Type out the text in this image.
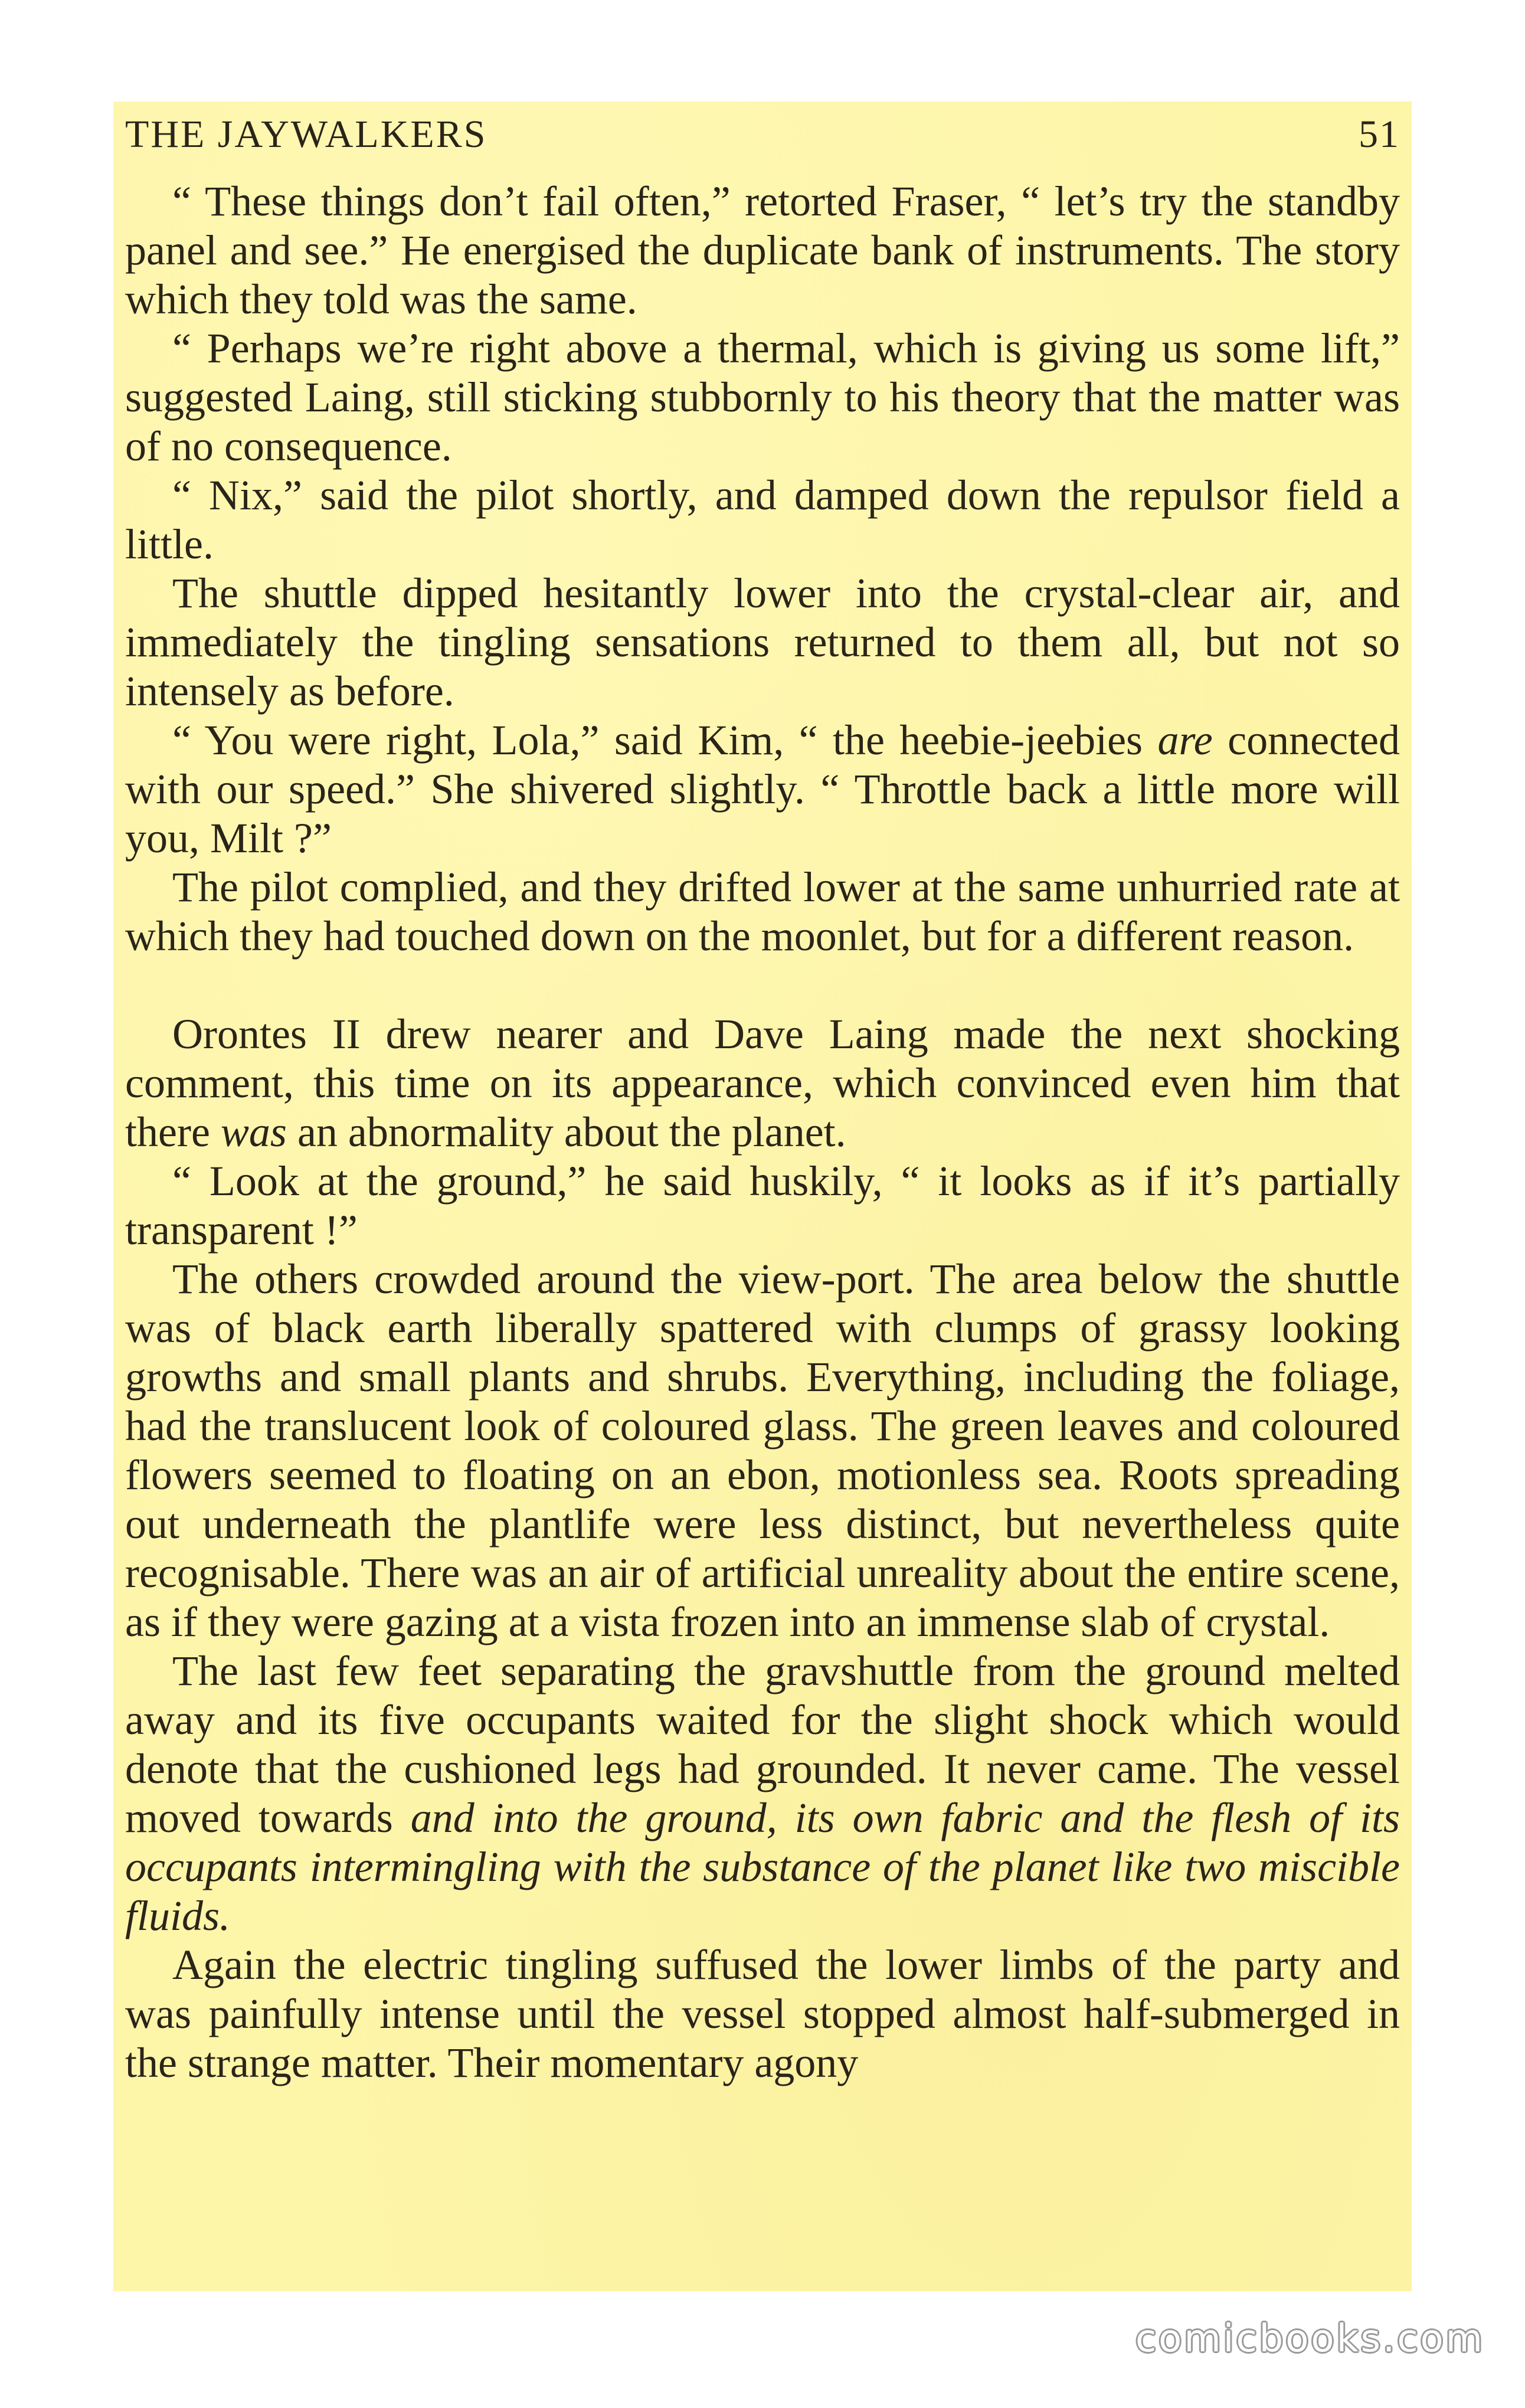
THE JAYWALKERS	51

“ These things don’t fail often,” retorted Fraser, “ let’s try the standby panel and see.” He energised the duplicate bank of instruments. The story which they told was the same.

“ Perhaps we’re right above a thermal, which is giving us some lift,” suggested Laing, still sticking stubbornly to his theory that the matter was of no consequence.

“ Nix,” said the pilot shortly, and damped down the repulsor field a little.

The shuttle dipped hesitantly lower into the crystal-clear air, and immediately the tingling sensations returned to them all, but not so intensely as before.

“ You were right, Lola,” said Kim, “ the heebie-jeebies are connected with our speed.” She shivered slightly. “ Throttle back a little more will you, Milt ?”

The pilot complied, and they drifted lower at the same unhurried rate at which they had touched down on the moonlet, but for a different reason.

Orontes II drew nearer and Dave Laing made the next shocking comment, this time on its appearance, which convinced even him that there was an abnormality about the planet.

“ Look at the ground,” he said huskily, “ it looks as if it’s partially transparent !”

The others crowded around the view-port. The area below the shuttle was of black earth liberally spattered with clumps of grassy looking growths and small plants and shrubs. Everything, including the foliage, had the translucent look of coloured glass. The green leaves and coloured flowers seemed to floating on an ebon, motionless sea. Roots spreading out underneath the plantlife were less distinct, but nevertheless quite recognisable. There was an air of artificial unreality about the entire scene, as if they were gazing at a vista frozen into an immense slab of crystal.

The last few feet separating the gravshuttle from the ground melted away and its five occupants waited for the slight shock which would denote that the cushioned legs had grounded. It never came. The vessel moved towards and into the ground, its own fabric and the flesh of its occupants intermingling with the substance of the planet like two miscible fluids.

Again the electric tingling suffused the lower limbs of the party and was painfully intense until the vessel stopped almost half-submerged in the strange matter. Their momentary agony

comicbooks.com
